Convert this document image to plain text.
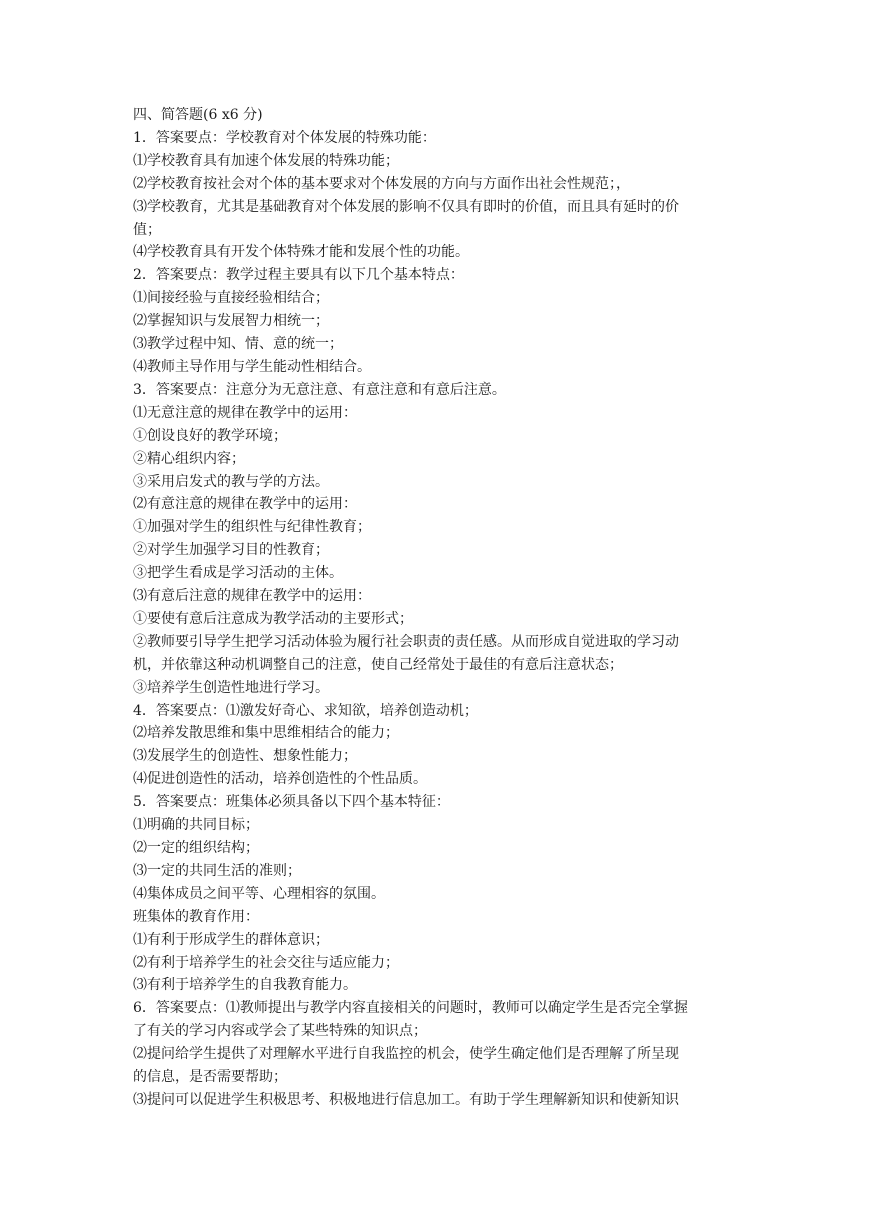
四、简答题(6 x6 分)

1．答案要点：学校教育对个体发展的特殊功能：

⑴学校教育具有加速个体发展的特殊功能；

⑵学校教育按社会对个体的基本要求对个体发展的方向与方面作出社会性规范；，

⑶学校教育，尤其是基础教育对个体发展的影响不仅具有即时的价值，而且具有延时的价

值；

⑷学校教育具有开发个体特殊才能和发展个性的功能。

2．答案要点：教学过程主要具有以下几个基本特点：

⑴间接经验与直接经验相结合；

⑵掌握知识与发展智力相统一；

⑶教学过程中知、情、意的统一；

⑷教师主导作用与学生能动性相结合。

3．答案要点：注意分为无意注意、有意注意和有意后注意。

⑴无意注意的规律在教学中的运用：

①创设良好的教学环境；

②精心组织内容；

③采用启发式的教与学的方法。

⑵有意注意的规律在教学中的运用：

①加强对学生的组织性与纪律性教育；

②对学生加强学习目的性教育；

③把学生看成是学习活动的主体。

⑶有意后注意的规律在教学中的运用：

①要使有意后注意成为教学活动的主要形式；

②教师要引导学生把学习活动体验为履行社会职责的责任感。从而形成自觉进取的学习动

机，并依靠这种动机调整自己的注意，使自己经常处于最佳的有意后注意状态；

③培养学生创造性地进行学习。

4．答案要点：⑴激发好奇心、求知欲，培养创造动机；

⑵培养发散思维和集中思维相结合的能力；

⑶发展学生的创造性、想象性能力；

⑷促进创造性的活动，培养创造性的个性品质。

5．答案要点：班集体必须具备以下四个基本特征：

⑴明确的共同目标；

⑵一定的组织结构；

⑶一定的共同生活的准则；

⑷集体成员之间平等、心理相容的氛围。

班集体的教育作用：

⑴有利于形成学生的群体意识；

⑵有利于培养学生的社会交往与适应能力；

⑶有利于培养学生的自我教育能力。

6．答案要点：⑴教师提出与教学内容直接相关的问题时，教师可以确定学生是否完全掌握

了有关的学习内容或学会了某些特殊的知识点；

⑵提问给学生提供了对理解水平进行自我监控的机会，使学生确定他们是否理解了所呈现

的信息，是否需要帮助；

⑶提问可以促进学生积极思考、积极地进行信息加工。有助于学生理解新知识和使新知识
